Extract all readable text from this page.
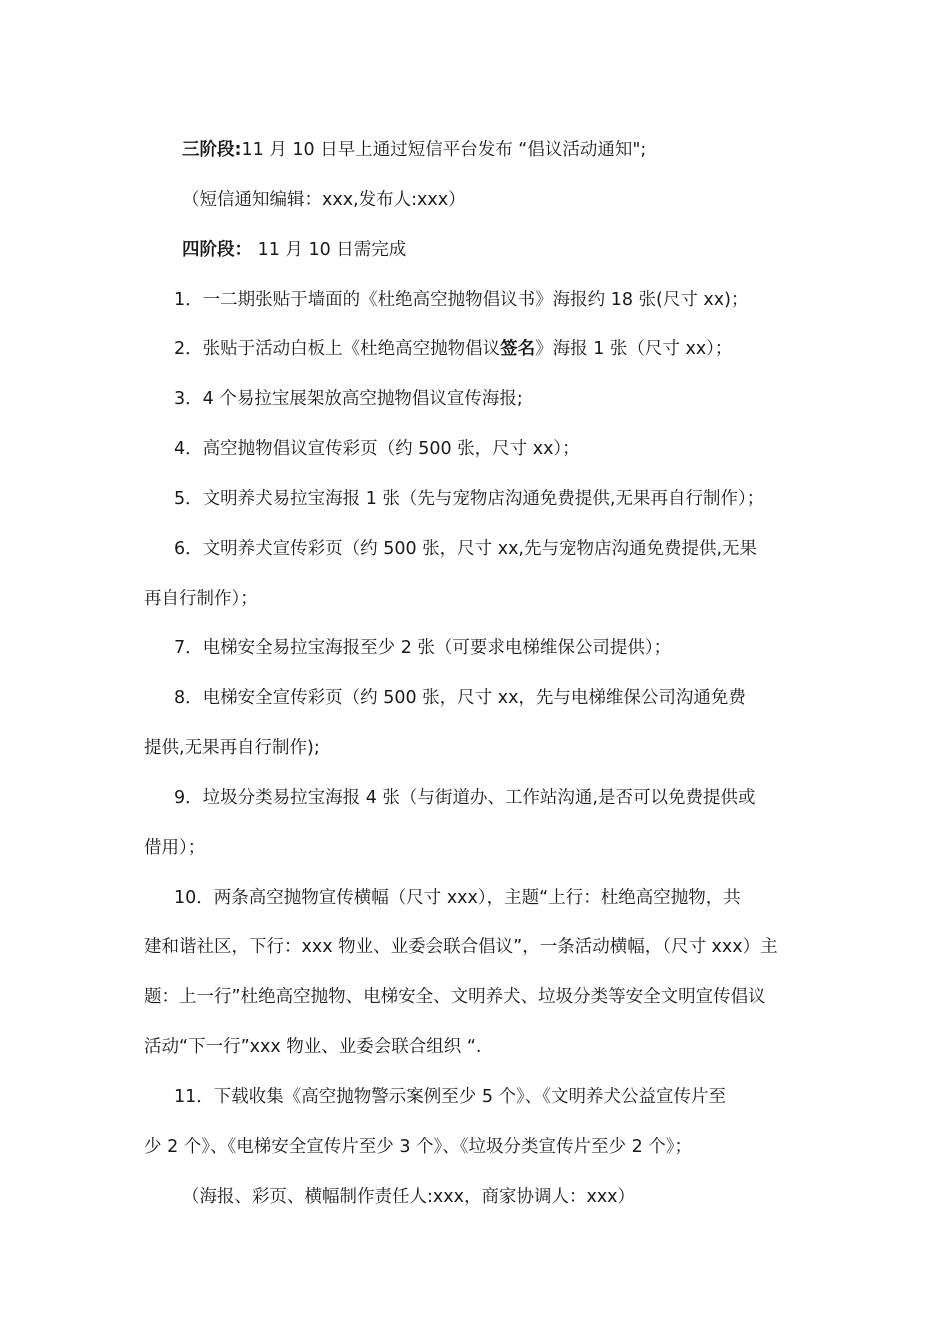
三阶段:11 月 10 日早上通过短信平台发布 “倡议活动通知";
（短信通知编辑：xxx,发布人:xxx）
四阶段： 11 月 10 日需完成
1．一二期张贴于墙面的《杜绝高空抛物倡议书》海报约 18 张(尺寸 xx)；
2．张贴于活动白板上《杜绝高空抛物倡议签名》海报 1 张（尺寸 xx）；
3．4 个易拉宝展架放高空抛物倡议宣传海报;
4．高空抛物倡议宣传彩页（约 500 张，尺寸 xx）；
5．文明养犬易拉宝海报 1 张（先与宠物店沟通免费提供,无果再自行制作）；
6．文明养犬宣传彩页（约 500 张，尺寸 xx,先与宠物店沟通免费提供,无果
再自行制作）；
7．电梯安全易拉宝海报至少 2 张（可要求电梯维保公司提供）；
8．电梯安全宣传彩页（约 500 张，尺寸 xx，先与电梯维保公司沟通免费
提供,无果再自行制作);
9．垃圾分类易拉宝海报 4 张（与街道办、工作站沟通,是否可以免费提供或
借用）；
10．两条高空抛物宣传横幅（尺寸 xxx），主题“上行：杜绝高空抛物，共
建和谐社区，下行：xxx 物业、业委会联合倡议”，一条活动横幅，（尺寸 xxx）主
题：上一行”杜绝高空抛物、电梯安全、文明养犬、垃圾分类等安全文明宣传倡议
活动“下一行”xxx 物业、业委会联合组织 “.
11．下载收集《高空抛物警示案例至少 5 个》、《文明养犬公益宣传片至
少 2 个》、《电梯安全宣传片至少 3 个》、《垃圾分类宣传片至少 2 个》；
（海报、彩页、横幅制作责任人:xxx，商家协调人：xxx）
